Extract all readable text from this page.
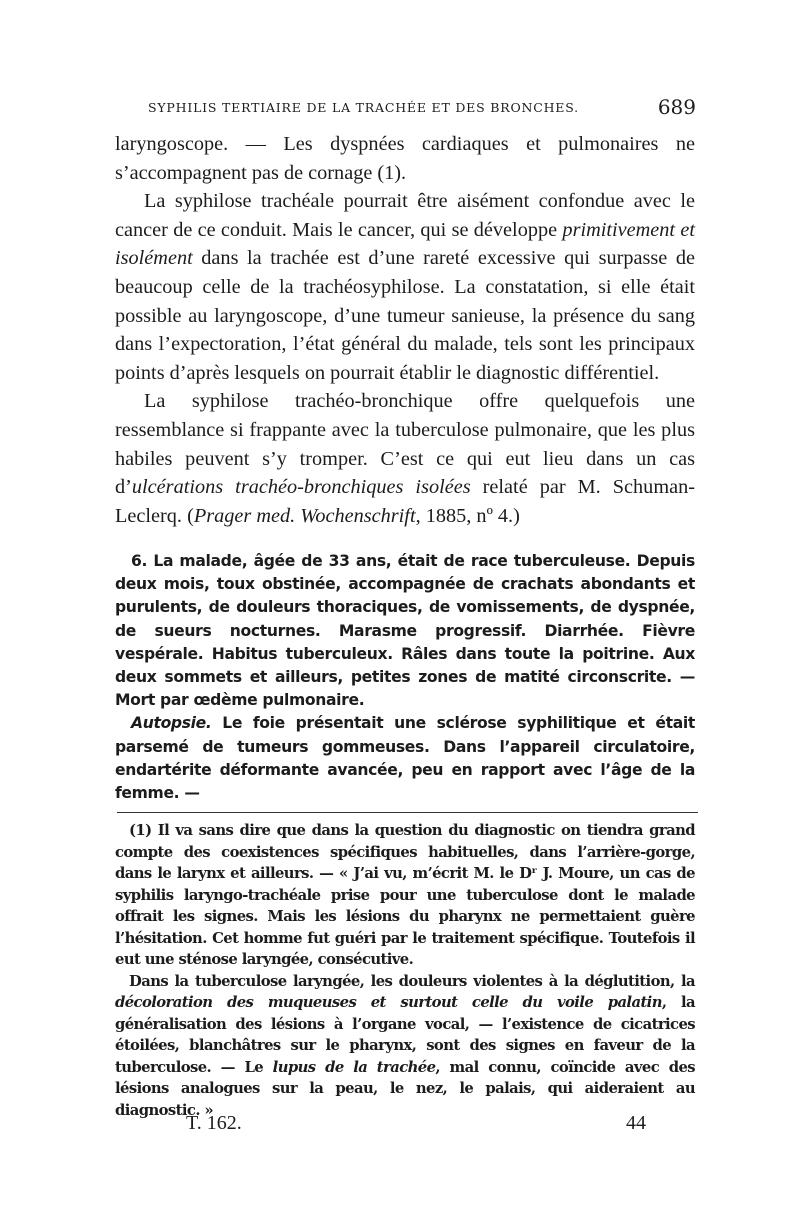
SYPHILIS TERTIAIRE DE LA TRACHÉE ET DES BRONCHES.	689

laryngoscope. — Les dyspnées cardiaques et pulmonaires ne s’accompagnent pas de cornage (1).

La syphilose trachéale pourrait être aisément confondue avec le cancer de ce conduit. Mais le cancer, qui se développe primitivement et isolément dans la trachée est d’une rareté excessive qui surpasse de beaucoup celle de la trachéosyphilose. La constatation, si elle était possible au laryngoscope, d’une tumeur sanieuse, la présence du sang dans l’expectoration, l’état général du malade, tels sont les principaux points d’après lesquels on pourrait établir le diagnostic différentiel.

La syphilose trachéo-bronchique offre quelquefois une ressemblance si frappante avec la tuberculose pulmonaire, que les plus habiles peuvent s’y tromper. C’est ce qui eut lieu dans un cas d’ulcérations trachéo-bronchiques isolées relaté par M. Schuman-Leclerq. (Prager med. Wochenschrift, 1885, nº 4.)

6. La malade, âgée de 33 ans, était de race tuberculeuse. Depuis deux mois, toux obstinée, accompagnée de crachats abondants et purulents, de douleurs thoraciques, de vomissements, de dyspnée, de sueurs nocturnes. Marasme progressif. Diarrhée. Fièvre vespérale. Habitus tuberculeux. Râles dans toute la poitrine. Aux deux sommets et ailleurs, petites zones de matité circonscrite. — Mort par œdème pulmonaire.

Autopsie. Le foie présentait une sclérose syphilitique et était parsemé de tumeurs gommeuses. Dans l’appareil circulatoire, endartérite déformante avancée, peu en rapport avec l’âge de la femme. —

(1) Il va sans dire que dans la question du diagnostic on tiendra grand compte des coexistences spécifiques habituelles, dans l’arrière-gorge, dans le larynx et ailleurs. — « J’ai vu, m’écrit M. le Dʳ J. Moure, un cas de syphilis laryngo-trachéale prise pour une tuberculose dont le malade offrait les signes. Mais les lésions du pharynx ne permettaient guère l’hésitation. Cet homme fut guéri par le traitement spécifique. Toutefois il eut une sténose laryngée, consécutive.

Dans la tuberculose laryngée, les douleurs violentes à la déglutition, la décoloration des muqueuses et surtout celle du voile palatin, la généralisation des lésions à l’organe vocal, — l’existence de cicatrices étoilées, blanchâtres sur le pharynx, sont des signes en faveur de la tuberculose. — Le lupus de la trachée, mal connu, coïncide avec des lésions analogues sur la peau, le nez, le palais, qui aideraient au diagnostic. »

T. 162.	44
